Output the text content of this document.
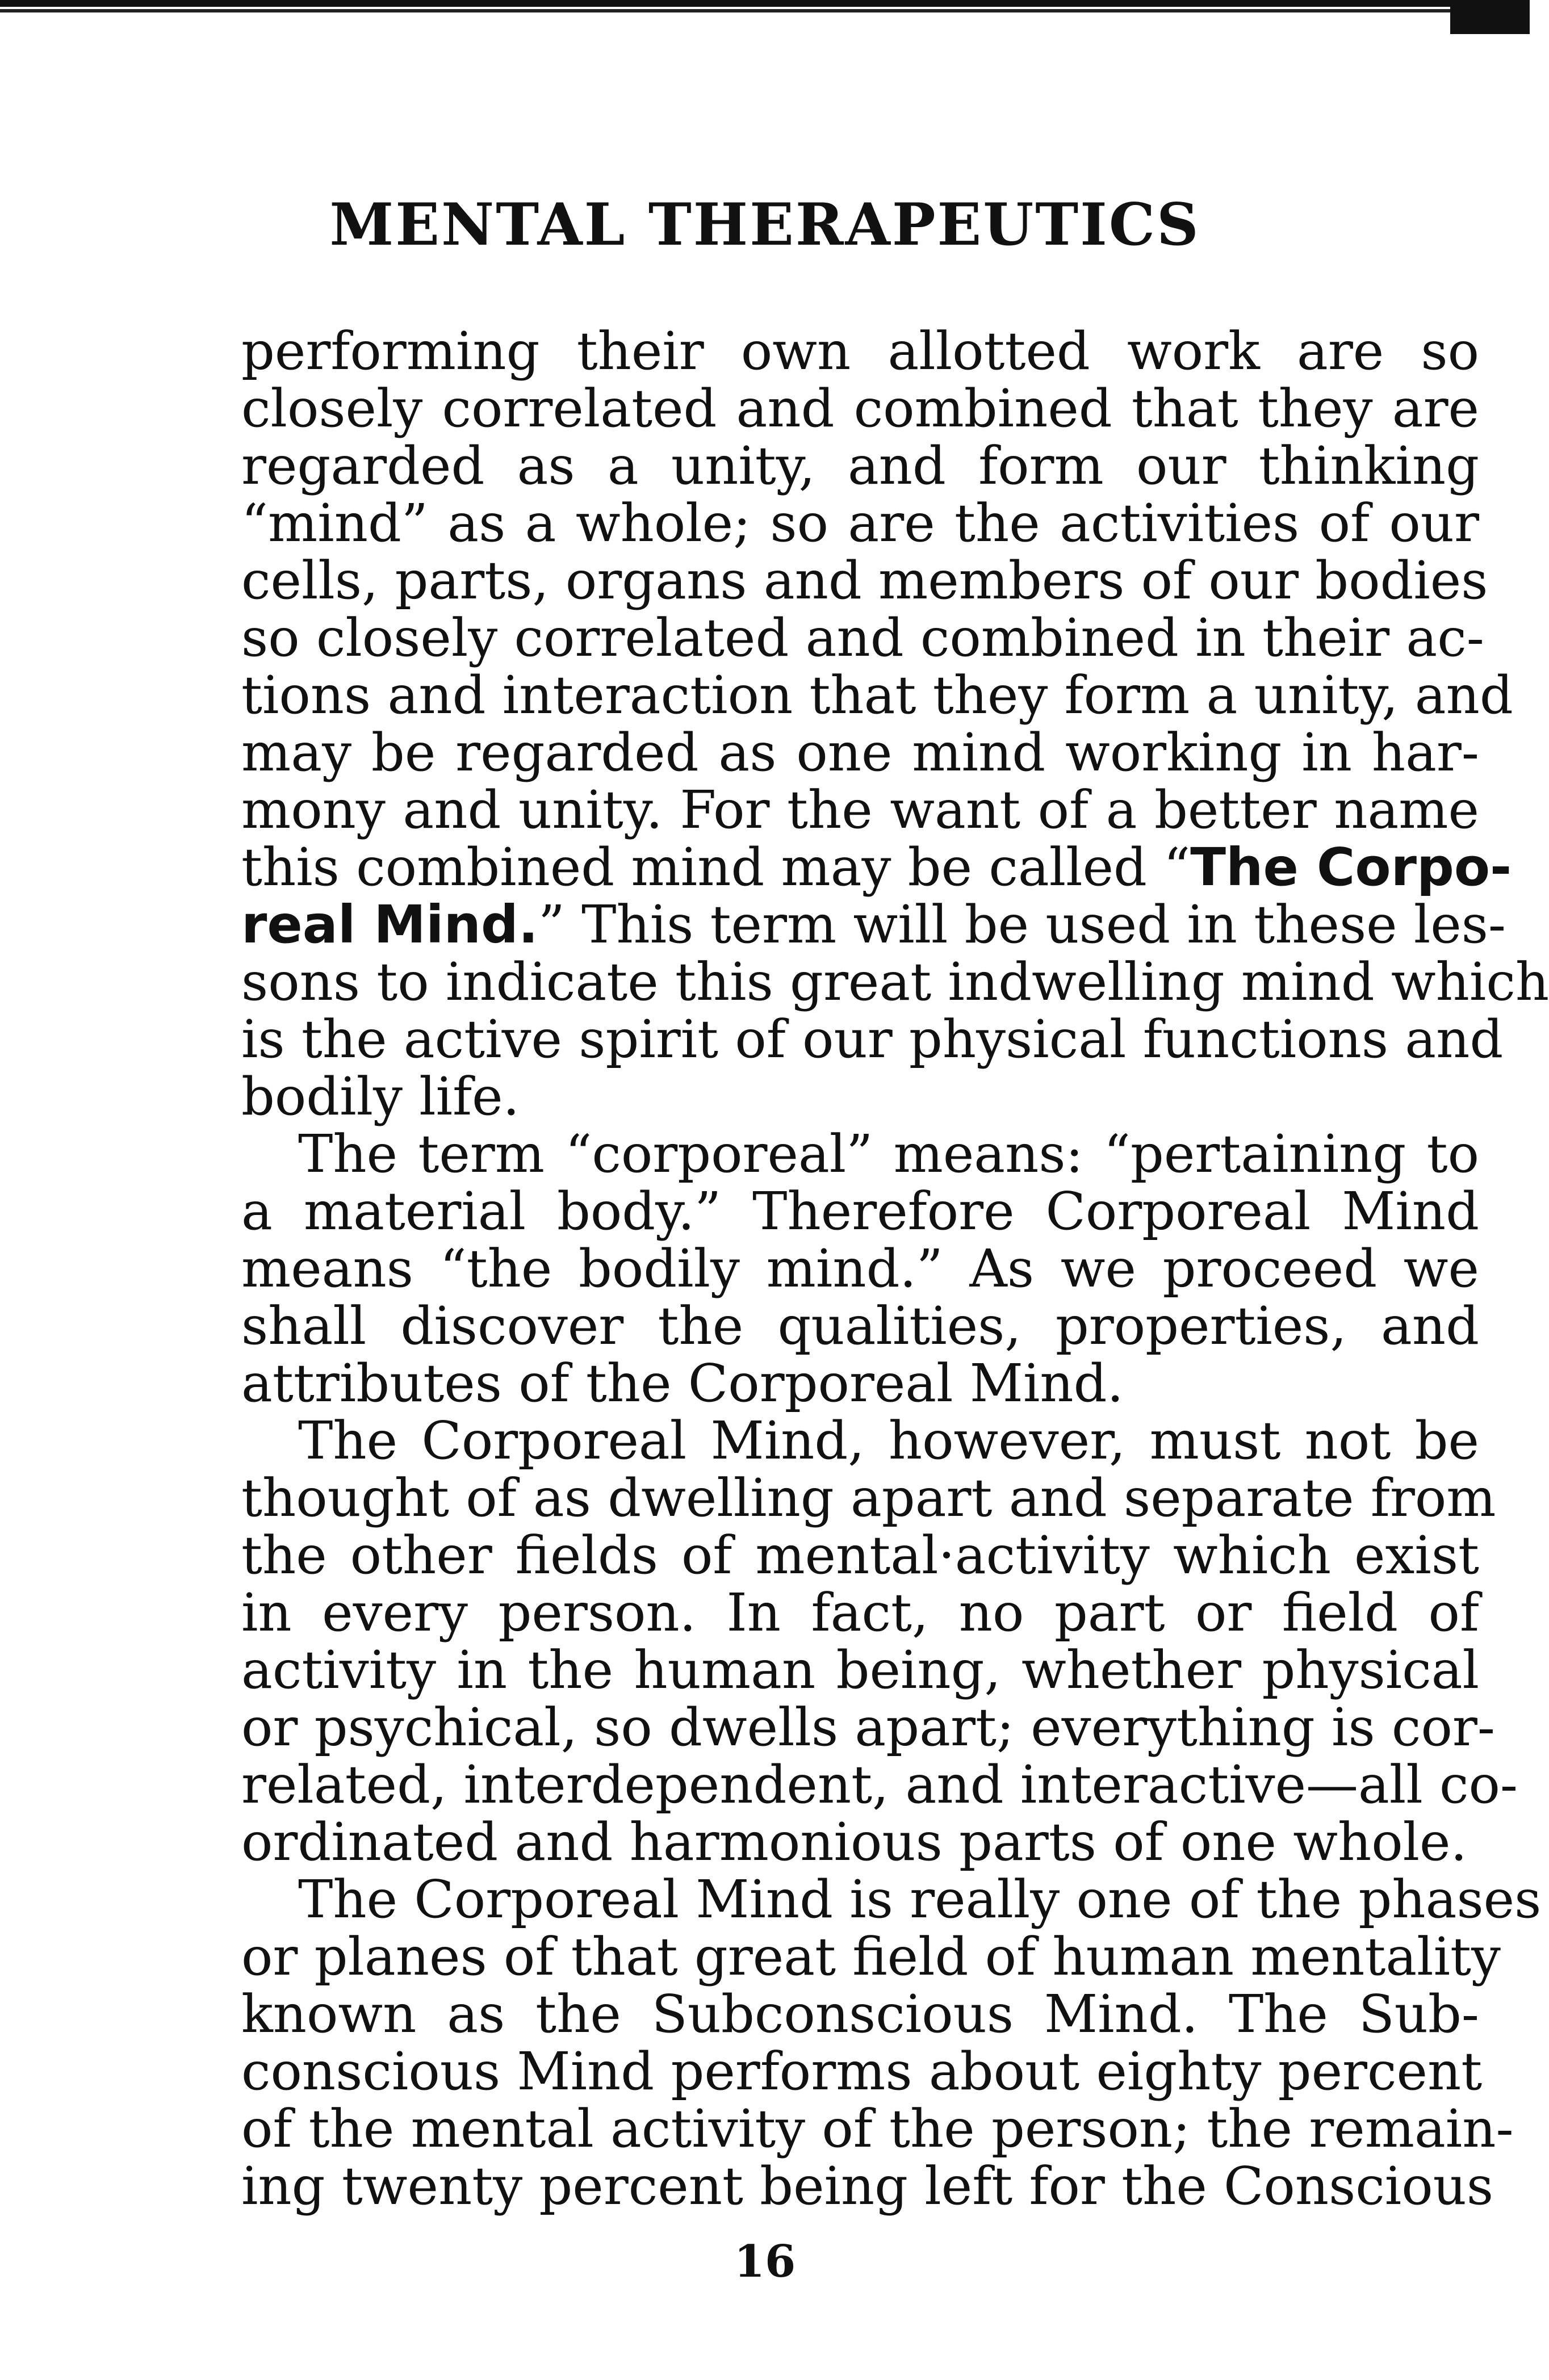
MENTAL THERAPEUTICS
performing their own allotted work are so
closely correlated and combined that they are
regarded as a unity, and form our thinking
“mind” as a whole; so are the activities of our
cells, parts, organs and members of our bodies
so closely correlated and combined in their ac-
tions and interaction that they form a unity, and
may be regarded as one mind working in har-
mony and unity. For the want of a better name
this combined mind may be called “The Corpo-
real Mind.” This term will be used in these les-
sons to indicate this great indwelling mind which
is the active spirit of our physical functions and
bodily life.
The term “corporeal” means: “pertaining to
a material body.” Therefore Corporeal Mind
means “the bodily mind.” As we proceed we
shall discover the qualities, properties, and
attributes of the Corporeal Mind.
The Corporeal Mind, however, must not be
thought of as dwelling apart and separate from
the other fields of mental·activity which exist
in every person. In fact, no part or field of
activity in the human being, whether physical
or psychical, so dwells apart; everything is cor-
related, interdependent, and interactive—all co-
ordinated and harmonious parts of one whole.
The Corporeal Mind is really one of the phases
or planes of that great field of human mentality
known as the Subconscious Mind. The Sub-
conscious Mind performs about eighty percent
of the mental activity of the person; the remain-
ing twenty percent being left for the Conscious
16
